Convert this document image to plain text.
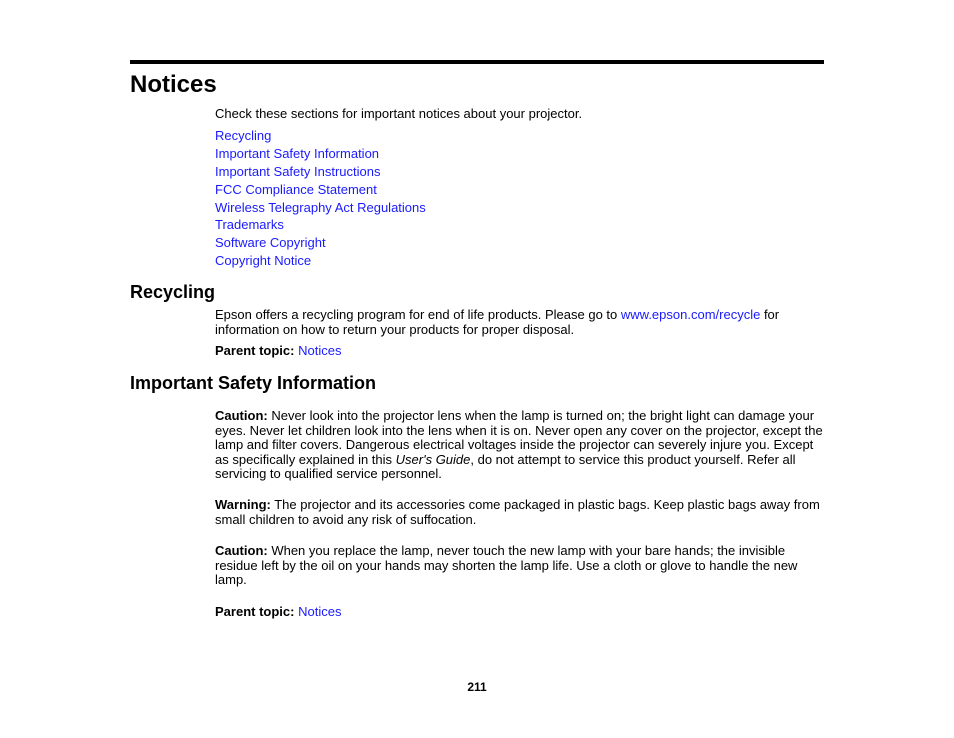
Notices

Check these sections for important notices about your projector.

Recycling
Important Safety Information
Important Safety Instructions
FCC Compliance Statement
Wireless Telegraphy Act Regulations
Trademarks
Software Copyright
Copyright Notice
Recycling

Epson offers a recycling program for end of life products. Please go to www.epson.com/recycle for information on how to return your products for proper disposal.

Parent topic: Notices

Important Safety Information

Caution: Never look into the projector lens when the lamp is turned on; the bright light can damage your eyes. Never let children look into the lens when it is on. Never open any cover on the projector, except the lamp and filter covers. Dangerous electrical voltages inside the projector can severely injure you. Except as specifically explained in this User's Guide, do not attempt to service this product yourself. Refer all servicing to qualified service personnel.

Warning: The projector and its accessories come packaged in plastic bags. Keep plastic bags away from small children to avoid any risk of suffocation.

Caution: When you replace the lamp, never touch the new lamp with your bare hands; the invisible residue left by the oil on your hands may shorten the lamp life. Use a cloth or glove to handle the new lamp.

Parent topic: Notices

211
